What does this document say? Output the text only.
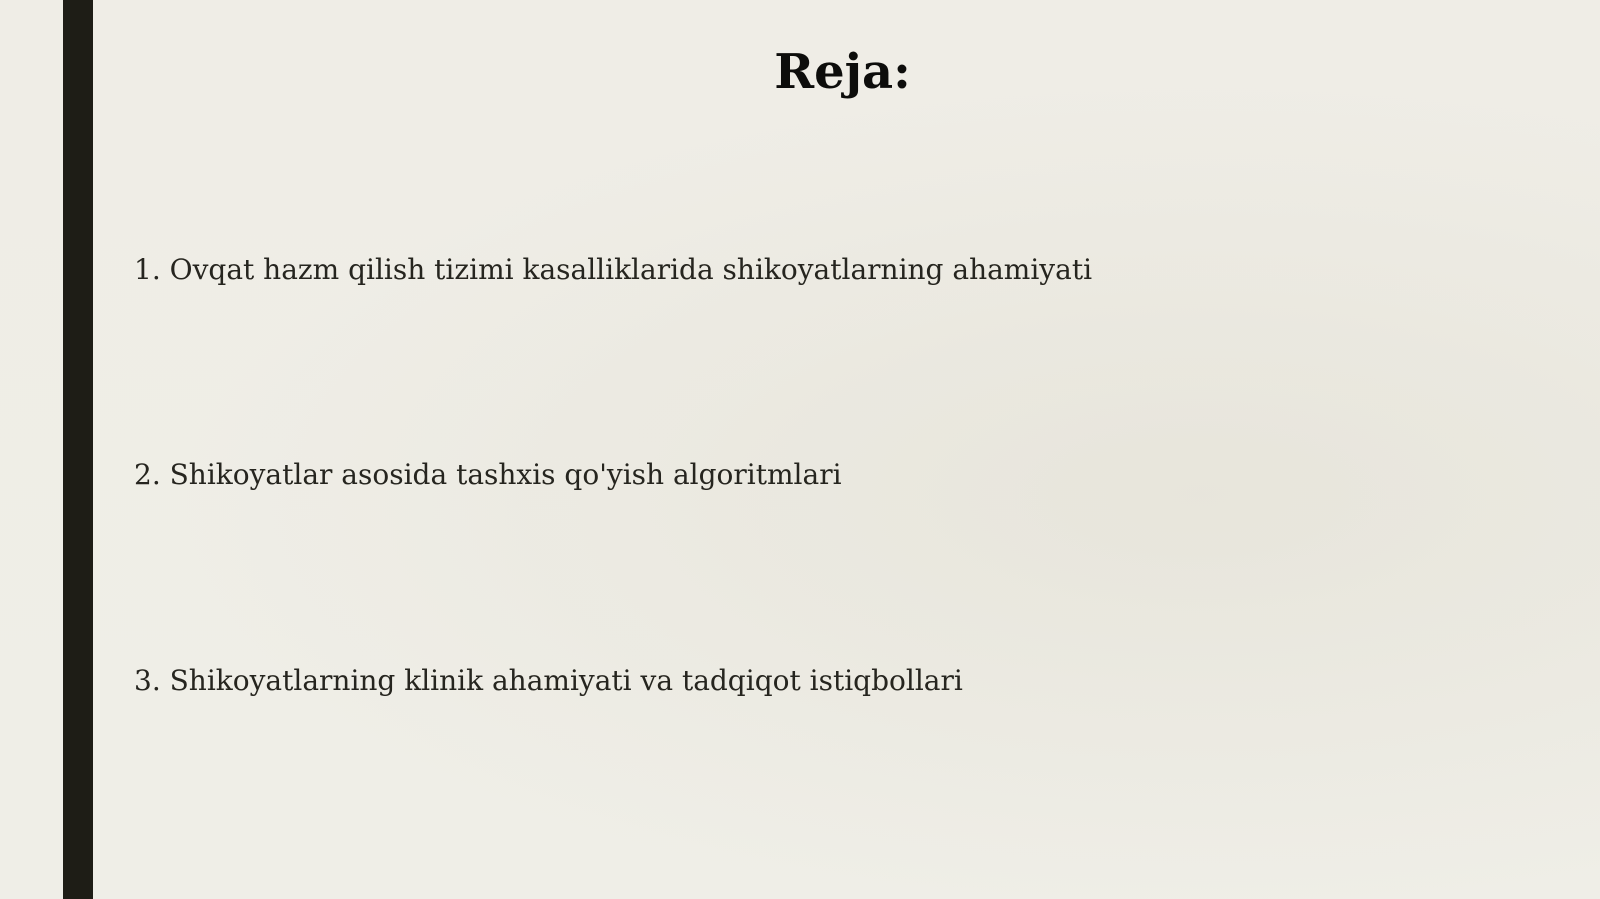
Reja:

1. Ovqat hazm qilish tizimi kasalliklarida shikoyatlarning ahamiyati

2. Shikoyatlar asosida tashxis qo'yish algoritmlari

3. Shikoyatlarning klinik ahamiyati va tadqiqot istiqbollari
